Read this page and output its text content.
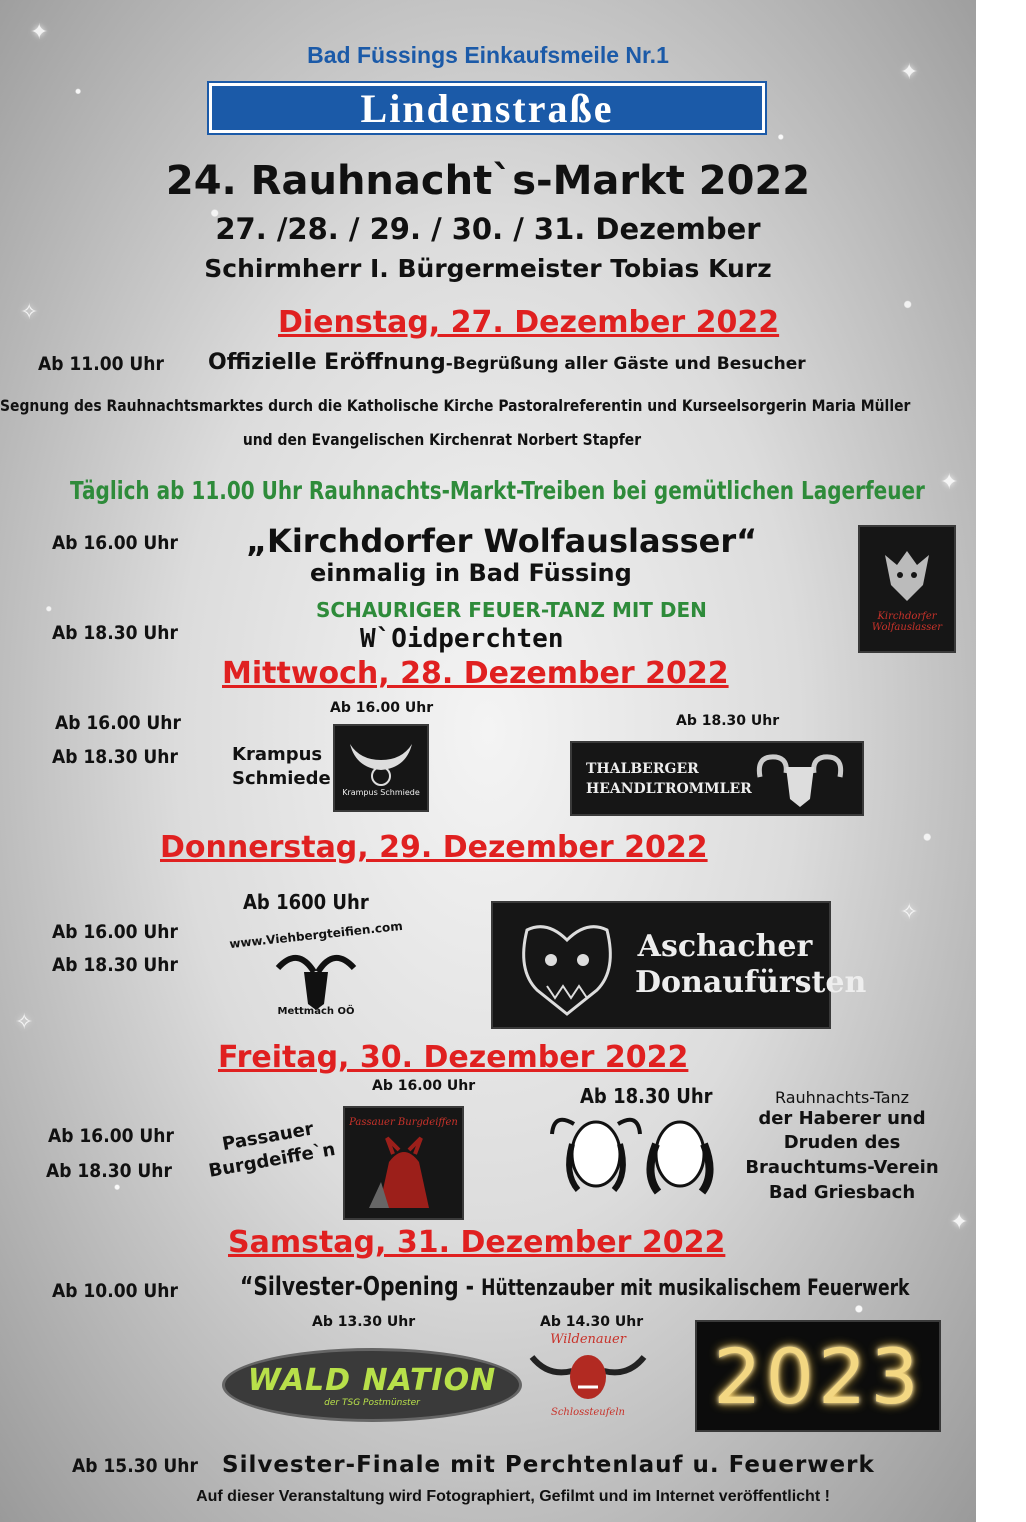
✦
✦
✧
✦
✧
✦
✧
Bad Füssings Einkaufsmeile Nr.1
Lindenstraße
24. Rauhnacht`s-Markt 2022
27. /28. / 29. / 30. / 31. Dezember
Schirmherr I. Bürgermeister Tobias Kurz
Dienstag, 27. Dezember 2022
Ab 11.00 Uhr Offizielle Eröffnung-Begrüßung aller Gäste und Besucher
Segnung des Rauhnachtsmarktes durch die Katholische Kirche Pastoralreferentin und Kurseelsorgerin Maria Müller
und den Evangelischen Kirchenrat Norbert Stapfer
Täglich ab 11.00 Uhr Rauhnachts-Markt-Treiben bei gemütlichen Lagerfeuer
Ab 16.00 Uhr „Kirchdorfer Wolfauslasser“
einmalig in Bad Füssing
Kirchdorfer Wolfauslasser
SCHAURIGER FEUER-TANZ MIT DEN
Ab 18.30 Uhr	W`Oidperchten
Mittwoch, 28. Dezember 2022
Ab 16.00 Uhr
Ab 18.30 Uhr
Ab 16.00 Uhr
Krampus Schmiede
Krampus Schmiede
Ab 18.30 Uhr
THALBERGER HEANDLTROMMLER
Donnerstag, 29. Dezember 2022
Ab 1600 Uhr
Ab 16.00 Uhr
Ab 18.30 Uhr
www.Viehbergteifien.com
Mettmach OÖ
Aschacher Donaufürsten
Freitag, 30. Dezember 2022
Ab 16.00 Uhr	Ab 18.30 Uhr
Ab 16.00 Uhr
Ab 18.30 Uhr
Passauer Burgdeiffe`n
Passauer Burgdeiffen
Rauhnachts-Tanz
der Haberer und
Druden des
Brauchtums-Verein
Bad Griesbach
Samstag, 31. Dezember 2022
Ab 10.00 Uhr “Silvester-Opening - Hüttenzauber mit musikalischem Feuerwerk
Ab 13.30 Uhr	Ab 14.30 Uhr
WALD NATION
der TSG Postmünster
Wildenauer
Schlossteufeln	2023
Ab 15.30 Uhr Silvester-Finale mit Perchtenlauf u. Feuerwerk
Auf dieser Veranstaltung wird Fotographiert, Gefilmt und im Internet veröffentlicht !
